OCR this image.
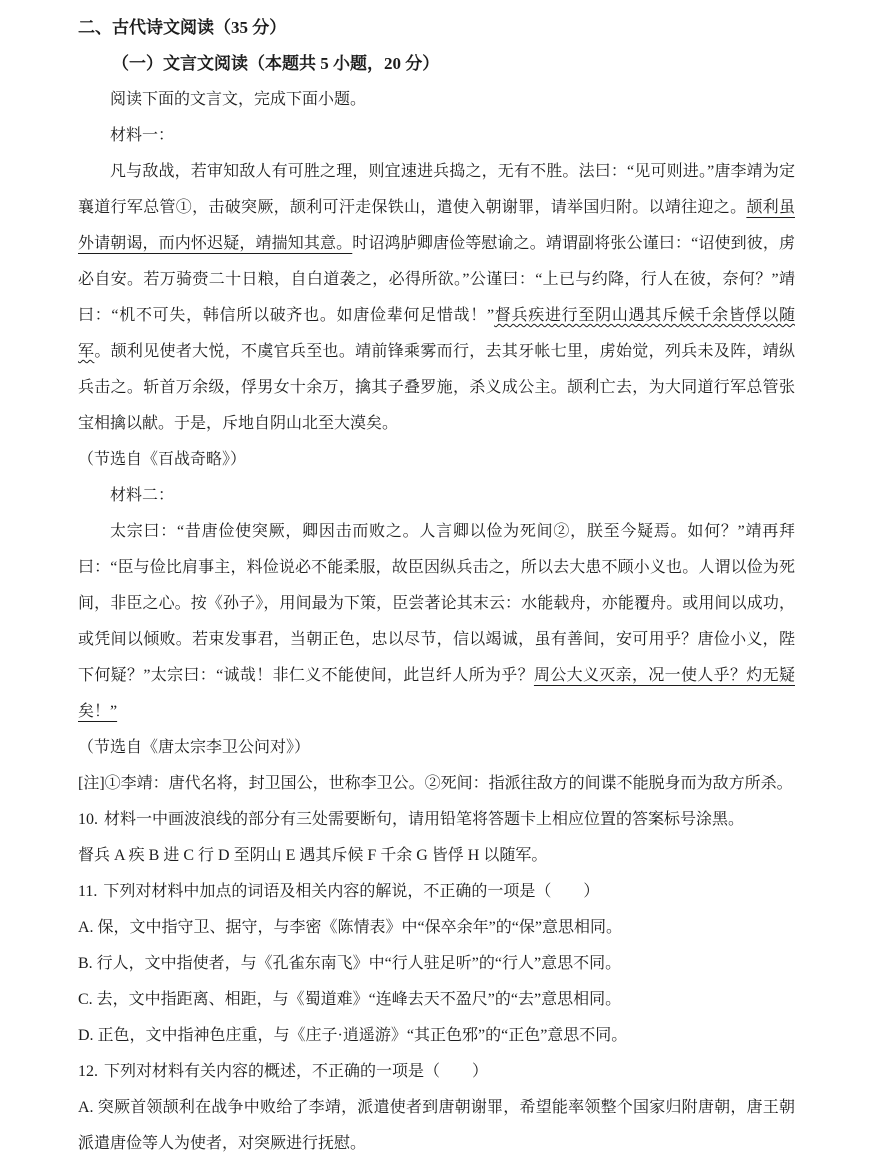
二、古代诗文阅读（35 分）
（一）文言文阅读（本题共 5 小题，20 分）

阅读下面的文言文，完成下面小题。

材料一：

凡与敌战，若审知敌人有可胜之理，则宜速进兵捣之，无有不胜。法曰：“见可则进。”唐李靖为定襄道行军总管①，击破突厥，颉利可汗走保铁山，遣使入朝谢罪，请举国归附。以靖往迎之。颉利虽外请朝谒，而内怀迟疑，靖揣知其意。时诏鸿胪卿唐俭等慰谕之。靖谓副将张公谨曰：“诏使到彼，虏必自安。若万骑赍二十日粮，自白道袭之，必得所欲。”公谨曰：“上已与约降，行人在彼，奈何？”靖曰：“机不可失，韩信所以破齐也。如唐俭辈何足惜哉！”督兵疾进行至阴山遇其斥候千余皆俘以随军。颉利见使者大悦，不虞官兵至也。靖前锋乘雾而行，去其牙帐七里，虏始觉，列兵未及阵，靖纵兵击之。斩首万余级，俘男女十余万，擒其子叠罗施，杀义成公主。颉利亡去，为大同道行军总管张宝相擒以献。于是，斥地自阴山北至大漠矣。

（节选自《百战奇略》）

材料二：

太宗曰：“昔唐俭使突厥，卿因击而败之。人言卿以俭为死间②，朕至今疑焉。如何？”靖再拜曰：“臣与俭比肩事主，料俭说必不能柔服，故臣因纵兵击之，所以去大患不顾小义也。人谓以俭为死间，非臣之心。按《孙子》，用间最为下策，臣尝著论其末云：水能载舟，亦能覆舟。或用间以成功，或凭间以倾败。若束发事君，当朝正色，忠以尽节，信以竭诚，虽有善间，安可用乎？唐俭小义，陛下何疑？”太宗曰：“诚哉！非仁义不能使间，此岂纤人所为乎？周公大义灭亲，况一使人乎？灼无疑矣！”

（节选自《唐太宗李卫公问对》）

[注]①李靖：唐代名将，封卫国公，世称李卫公。②死间：指派往敌方的间谍不能脱身而为敌方所杀。

10. 材料一中画波浪线的部分有三处需要断句，请用铅笔将答题卡上相应位置的答案标号涂黑。

督兵 A 疾 B 进 C 行 D 至阴山 E 遇其斥候 F 千余 G 皆俘 H 以随军。

11. 下列对材料中加点的词语及相关内容的解说，不正确的一项是（　　）

A. 保，文中指守卫、据守，与李密《陈情表》中“保卒余年”的“保”意思相同。

B. 行人，文中指使者，与《孔雀东南飞》中“行人驻足听”的“行人”意思不同。

C. 去，文中指距离、相距，与《蜀道难》“连峰去天不盈尺”的“去”意思相同。

D. 正色，文中指神色庄重，与《庄子·逍遥游》“其正色邪”的“正色”意思不同。

12. 下列对材料有关内容的概述，不正确的一项是（　　）

A. 突厥首领颉利在战争中败给了李靖，派遣使者到唐朝谢罪，希望能率领整个国家归附唐朝，唐王朝派遣唐俭等人为使者，对突厥进行抚慰。
